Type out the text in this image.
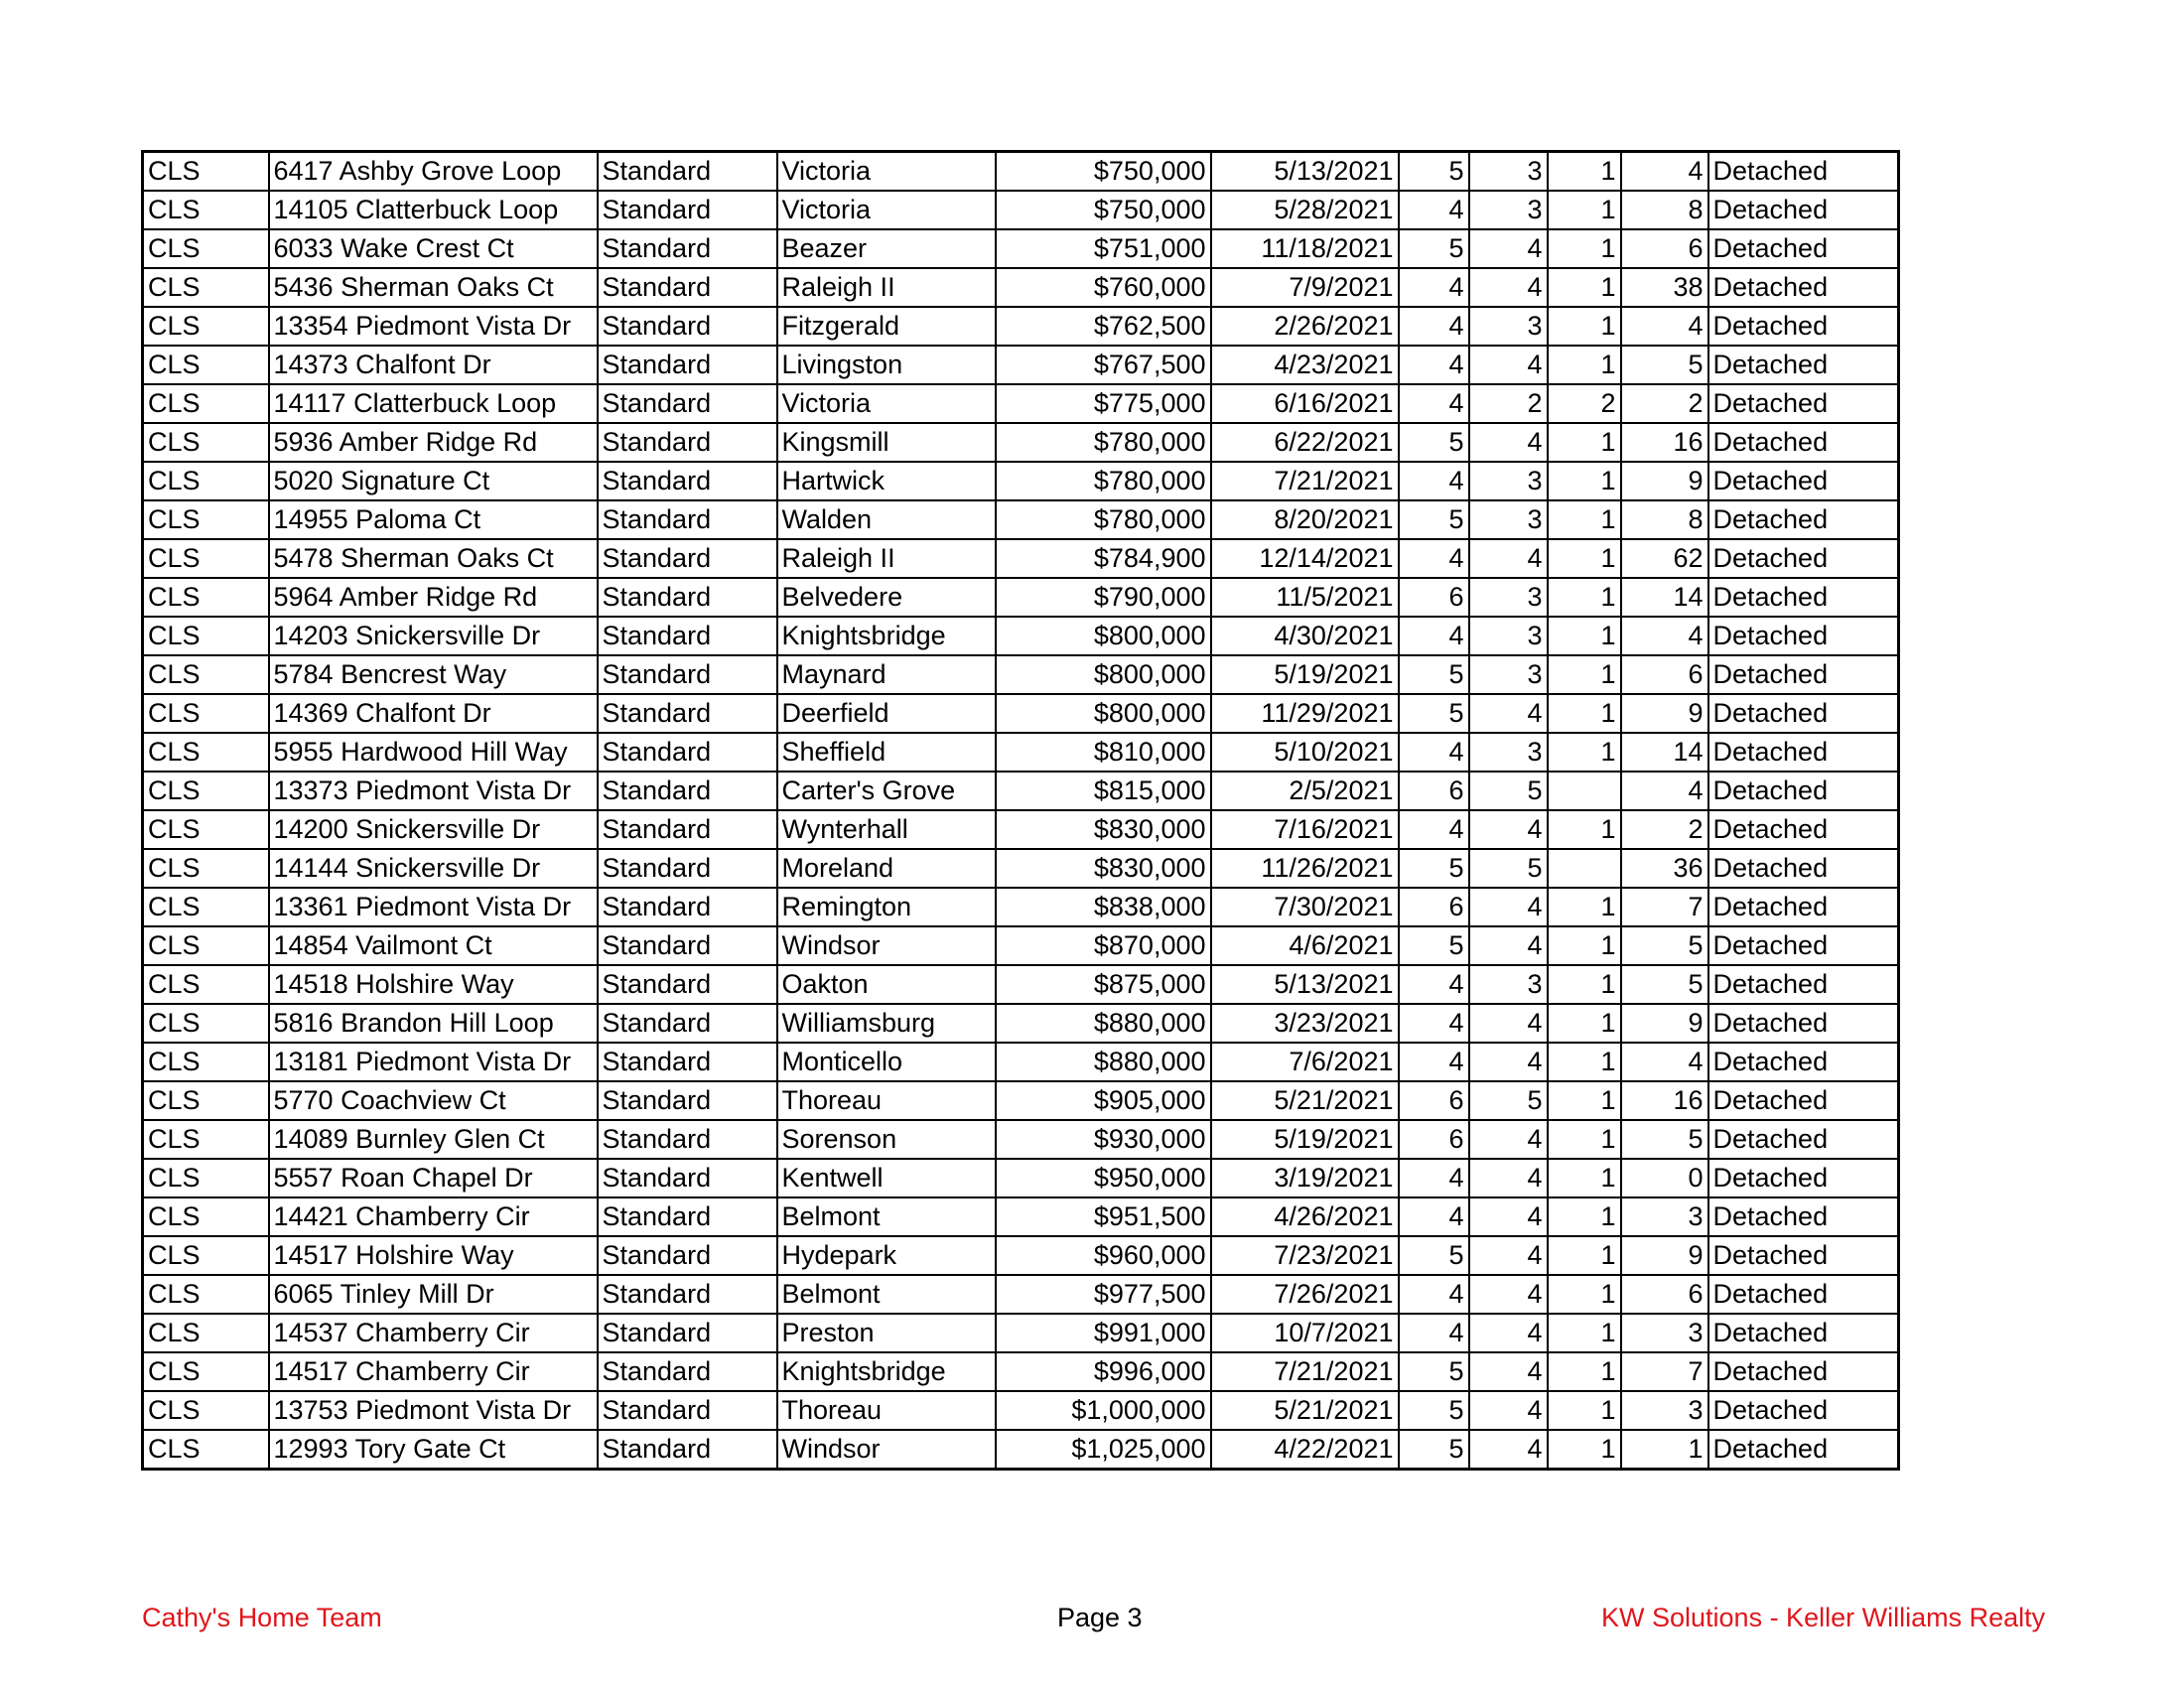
CLS	6417 Ashby Grove Loop	Standard	Victoria	$750,000	5/13/2021	5	3	1	4	Detached
CLS	14105 Clatterbuck Loop	Standard	Victoria	$750,000	5/28/2021	4	3	1	8	Detached
CLS	6033 Wake Crest Ct	Standard	Beazer	$751,000	11/18/2021	5	4	1	6	Detached
CLS	5436 Sherman Oaks Ct	Standard	Raleigh II	$760,000	7/9/2021	4	4	1	38	Detached
CLS	13354 Piedmont Vista Dr	Standard	Fitzgerald	$762,500	2/26/2021	4	3	1	4	Detached
CLS	14373 Chalfont Dr	Standard	Livingston	$767,500	4/23/2021	4	4	1	5	Detached
CLS	14117 Clatterbuck Loop	Standard	Victoria	$775,000	6/16/2021	4	2	2	2	Detached
CLS	5936 Amber Ridge Rd	Standard	Kingsmill	$780,000	6/22/2021	5	4	1	16	Detached
CLS	5020 Signature Ct	Standard	Hartwick	$780,000	7/21/2021	4	3	1	9	Detached
CLS	14955 Paloma Ct	Standard	Walden	$780,000	8/20/2021	5	3	1	8	Detached
CLS	5478 Sherman Oaks Ct	Standard	Raleigh II	$784,900	12/14/2021	4	4	1	62	Detached
CLS	5964 Amber Ridge Rd	Standard	Belvedere	$790,000	11/5/2021	6	3	1	14	Detached
CLS	14203 Snickersville Dr	Standard	Knightsbridge	$800,000	4/30/2021	4	3	1	4	Detached
CLS	5784 Bencrest Way	Standard	Maynard	$800,000	5/19/2021	5	3	1	6	Detached
CLS	14369 Chalfont Dr	Standard	Deerfield	$800,000	11/29/2021	5	4	1	9	Detached
CLS	5955 Hardwood Hill Way	Standard	Sheffield	$810,000	5/10/2021	4	3	1	14	Detached
CLS	13373 Piedmont Vista Dr	Standard	Carter's Grove	$815,000	2/5/2021	6	5		4	Detached
CLS	14200 Snickersville Dr	Standard	Wynterhall	$830,000	7/16/2021	4	4	1	2	Detached
CLS	14144 Snickersville Dr	Standard	Moreland	$830,000	11/26/2021	5	5		36	Detached
CLS	13361 Piedmont Vista Dr	Standard	Remington	$838,000	7/30/2021	6	4	1	7	Detached
CLS	14854 Vailmont Ct	Standard	Windsor	$870,000	4/6/2021	5	4	1	5	Detached
CLS	14518 Holshire Way	Standard	Oakton	$875,000	5/13/2021	4	3	1	5	Detached
CLS	5816 Brandon Hill Loop	Standard	Williamsburg	$880,000	3/23/2021	4	4	1	9	Detached
CLS	13181 Piedmont Vista Dr	Standard	Monticello	$880,000	7/6/2021	4	4	1	4	Detached
CLS	5770 Coachview Ct	Standard	Thoreau	$905,000	5/21/2021	6	5	1	16	Detached
CLS	14089 Burnley Glen Ct	Standard	Sorenson	$930,000	5/19/2021	6	4	1	5	Detached
CLS	5557 Roan Chapel Dr	Standard	Kentwell	$950,000	3/19/2021	4	4	1	0	Detached
CLS	14421 Chamberry Cir	Standard	Belmont	$951,500	4/26/2021	4	4	1	3	Detached
CLS	14517 Holshire Way	Standard	Hydepark	$960,000	7/23/2021	5	4	1	9	Detached
CLS	6065 Tinley Mill Dr	Standard	Belmont	$977,500	7/26/2021	4	4	1	6	Detached
CLS	14537 Chamberry Cir	Standard	Preston	$991,000	10/7/2021	4	4	1	3	Detached
CLS	14517 Chamberry Cir	Standard	Knightsbridge	$996,000	7/21/2021	5	4	1	7	Detached
CLS	13753 Piedmont Vista Dr	Standard	Thoreau	$1,000,000	5/21/2021	5	4	1	3	Detached
CLS	12993 Tory Gate Ct	Standard	Windsor	$1,025,000	4/22/2021	5	4	1	1	Detached
Cathy's Home Team	Page 3	KW Solutions - Keller Williams Realty
